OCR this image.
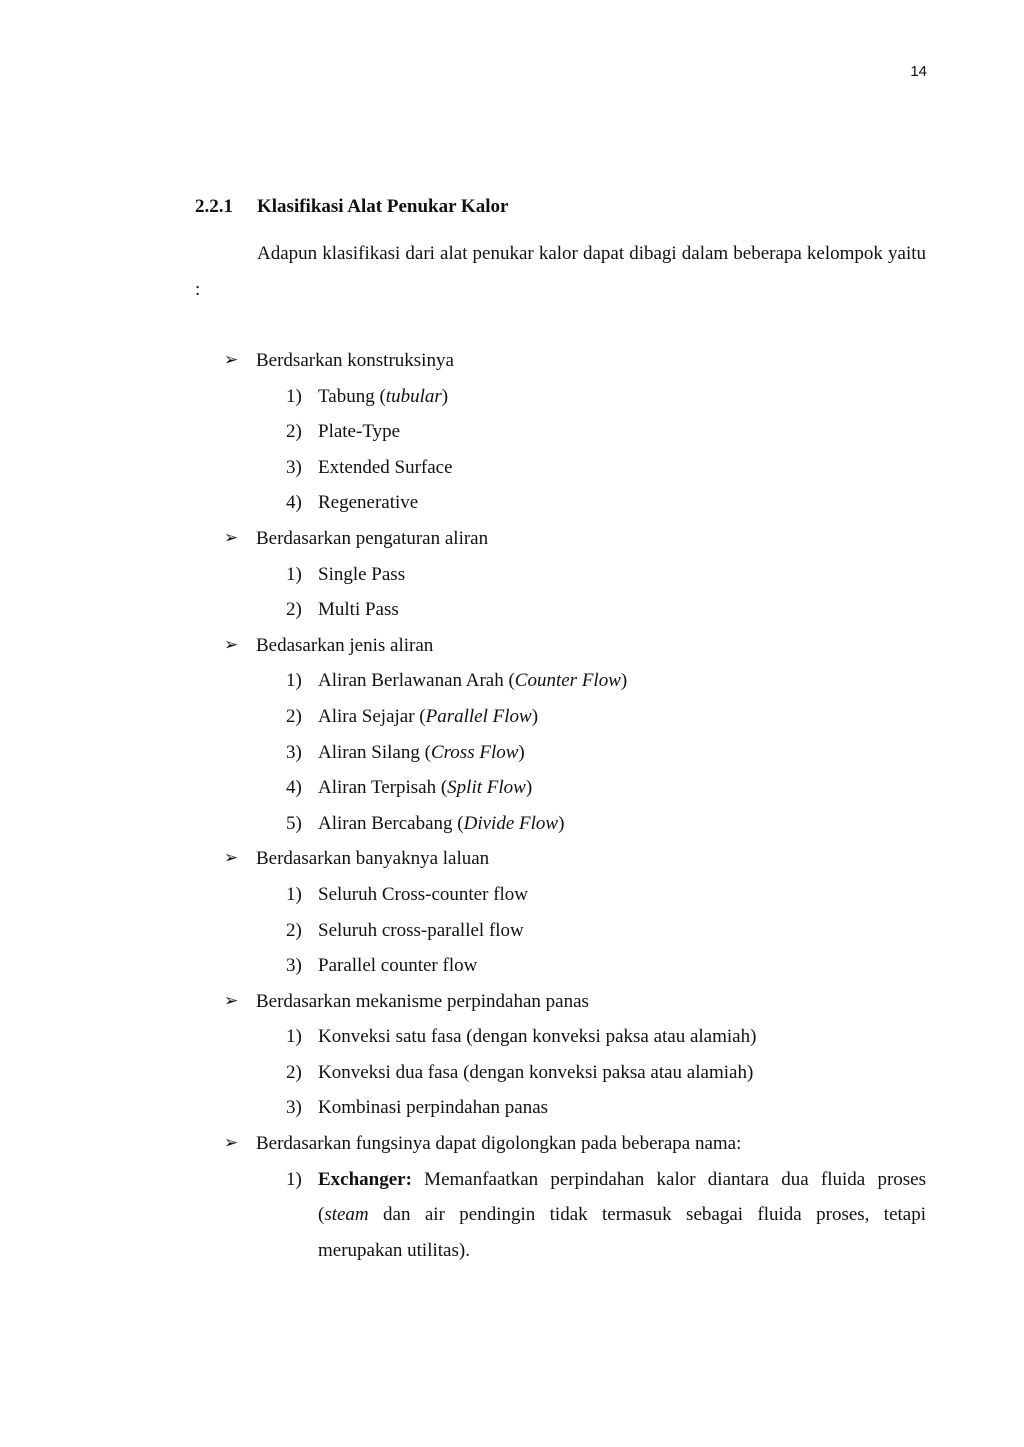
14
2.2.1 Klasifikasi Alat Penukar Kalor

Adapun klasifikasi dari alat penukar kalor dapat dibagi dalam beberapa kelompok yaitu :

➢ Berdsarkan konstruksinya
1) Tabung (tubular)
2) Plate-Type
3) Extended Surface
4) Regenerative
➢ Berdasarkan pengaturan aliran
1) Single Pass
2) Multi Pass
➢ Bedasarkan jenis aliran
1) Aliran Berlawanan Arah (Counter Flow)
2) Alira Sejajar (Parallel Flow)
3) Aliran Silang (Cross Flow)
4) Aliran Terpisah (Split Flow)
5) Aliran Bercabang (Divide Flow)
➢ Berdasarkan banyaknya laluan
1) Seluruh Cross-counter flow
2) Seluruh cross-parallel flow
3) Parallel counter flow
➢ Berdasarkan mekanisme perpindahan panas
1) Konveksi satu fasa (dengan konveksi paksa atau alamiah)
2) Konveksi dua fasa (dengan konveksi paksa atau alamiah)
3) Kombinasi perpindahan panas
➢ Berdasarkan fungsinya dapat digolongkan pada beberapa nama:
1) Exchanger: Memanfaatkan perpindahan kalor diantara dua fluida proses (steam dan air pendingin tidak termasuk sebagai fluida proses, tetapi merupakan utilitas).
